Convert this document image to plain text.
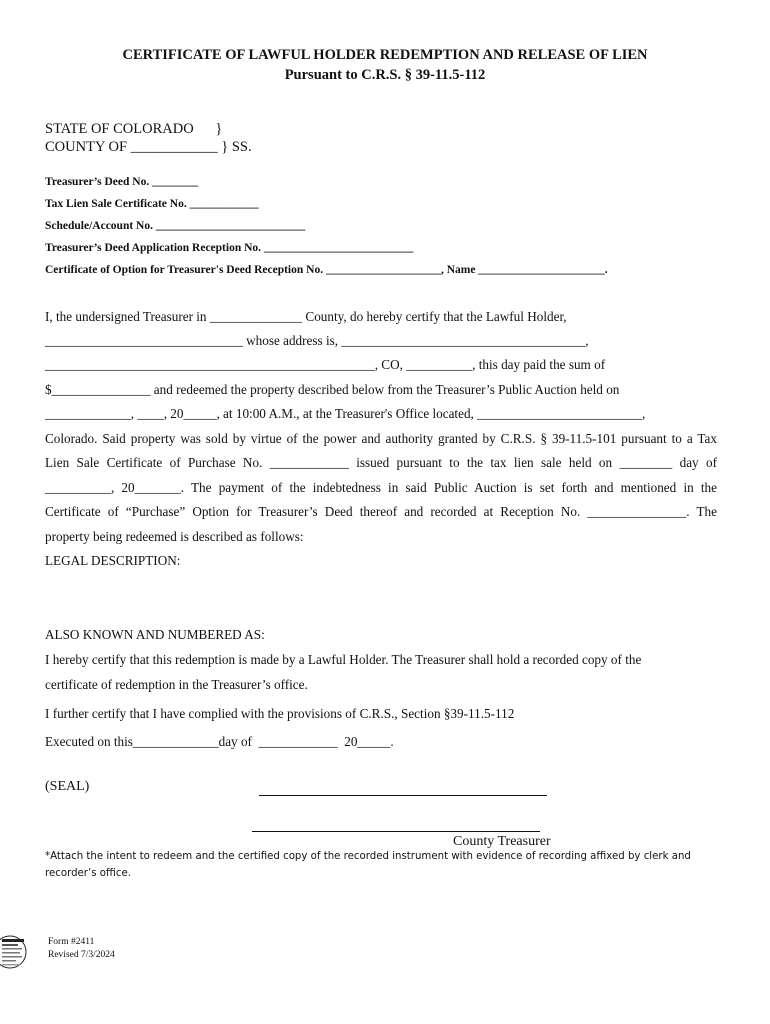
CERTIFICATE OF LAWFUL HOLDER REDEMPTION AND RELEASE OF LIEN
Pursuant to C.R.S. § 39-11.5-112
STATE OF COLORADO      }
COUNTY OF ____________ } SS.
Treasurer’s Deed No. ________
Tax Lien Sale Certificate No. ____________
Schedule/Account No. __________________________
Treasurer’s Deed Application Reception No. __________________________
Certificate of Option for Treasurer's Deed Reception No. ____________________, Name ______________________.
I, the undersigned Treasurer in ______________ County, do hereby certify that the Lawful Holder,
______________________________ whose address is, _____________________________________,
__________________________________________________, CO, __________, this day paid the sum of
$_______________ and redeemed the property described below from the Treasurer’s Public Auction held on
_____________, ____, 20_____, at 10:00 A.M., at the Treasurer's Office located, _________________________,
Colorado. Said property was sold by virtue of the power and authority granted by C.R.S. § 39-11.5-101 pursuant to a Tax
Lien Sale Certificate of Purchase No. ____________ issued pursuant to the tax lien sale held on ________ day of
__________, 20_______. The payment of the indebtedness in said Public Auction is set forth and mentioned in the
Certificate of “Purchase” Option for Treasurer’s Deed thereof and recorded at Reception No. _______________. The
property being redeemed is described as follows:
LEGAL DESCRIPTION:
ALSO KNOWN AND NUMBERED AS:
I hereby certify that this redemption is made by a Lawful Holder. The Treasurer shall hold a recorded copy of the
certificate of redemption in the Treasurer’s office.
I further certify that I have complied with the provisions of C.R.S., Section §39-11.5-112
Executed on this_____________day of  ____________  20_____.
(SEAL)
County Treasurer
*Attach the intent to redeem and the certified copy of the recorded instrument with evidence of recording affixed by clerk and
recorder’s office.
Form #2411
Revised 7/3/2024
